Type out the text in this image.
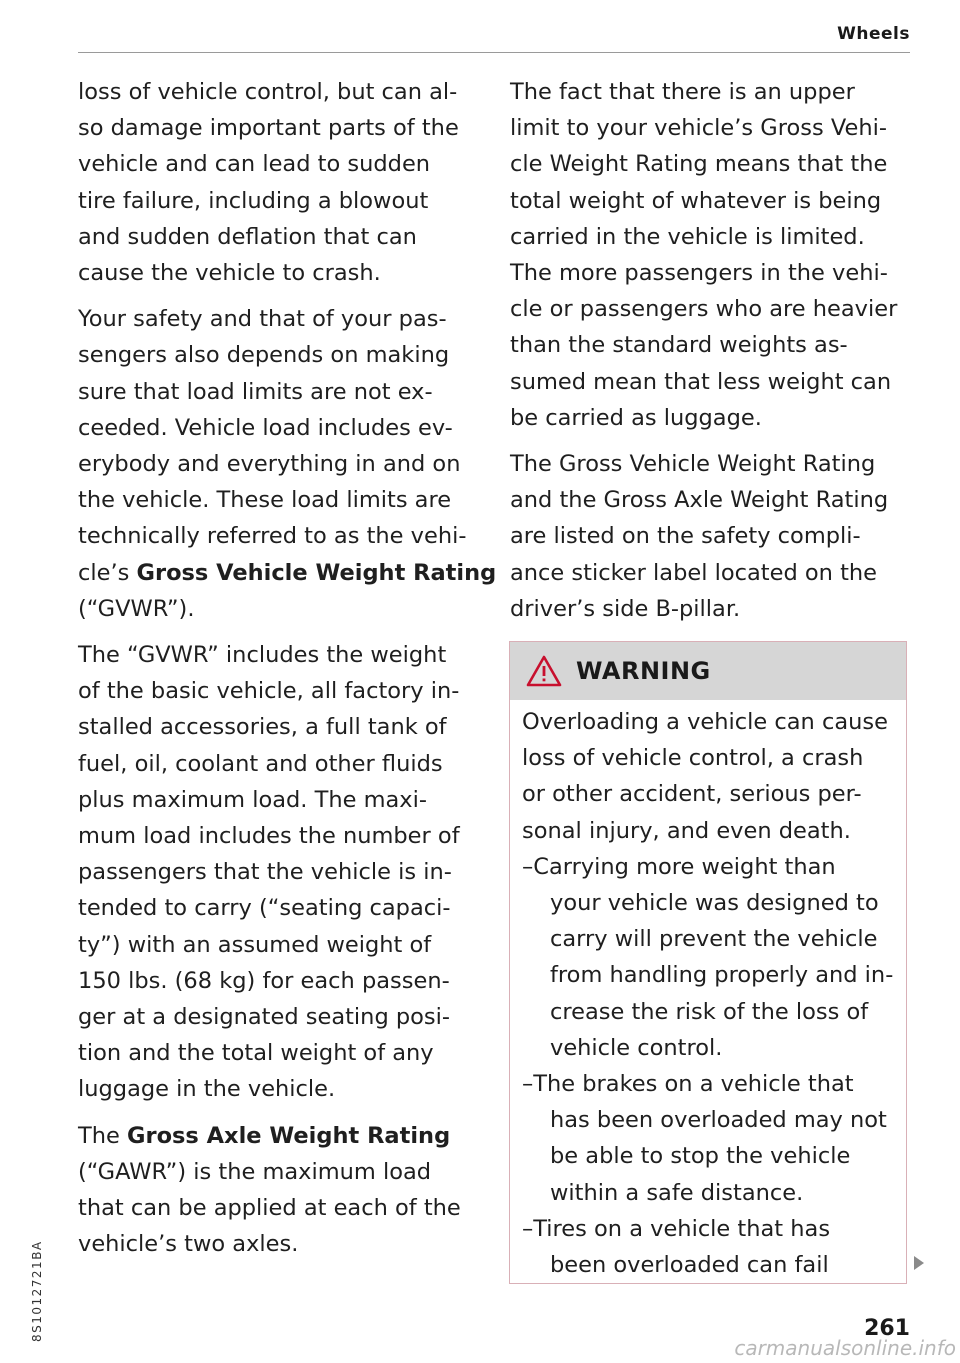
Wheels

loss of vehicle control, but can al-
so damage important parts of the
vehicle and can lead to sudden
tire failure, including a blowout
and sudden deflation that can
cause the vehicle to crash.

Your safety and that of your pas-
sengers also depends on making
sure that load limits are not ex-
ceeded. Vehicle load includes ev-
erybody and everything in and on
the vehicle. These load limits are
technically referred to as the vehi-
cle’s Gross Vehicle Weight Rating
(“GVWR”).

The “GVWR” includes the weight
of the basic vehicle, all factory in-
stalled accessories, a full tank of
fuel, oil, coolant and other fluids
plus maximum load. The maxi-
mum load includes the number of
passengers that the vehicle is in-
tended to carry (“seating capaci-
ty”) with an assumed weight of
150 lbs. (68 kg) for each passen-
ger at a designated seating posi-
tion and the total weight of any
luggage in the vehicle.

The Gross Axle Weight Rating
(“GAWR”) is the maximum load
that can be applied at each of the
vehicle’s two axles.

The fact that there is an upper
limit to your vehicle’s Gross Vehi-
cle Weight Rating means that the
total weight of whatever is being
carried in the vehicle is limited.
The more passengers in the vehi-
cle or passengers who are heavier
than the standard weights as-
sumed mean that less weight can
be carried as luggage.

The Gross Vehicle Weight Rating
and the Gross Axle Weight Rating
are listed on the safety compli-
ance sticker label located on the
driver’s side B-pillar.

WARNING
Overloading a vehicle can cause
loss of vehicle control, a crash
or other accident, serious per-
sonal injury, and even death.
–Carrying more weight than
your vehicle was designed to
carry will prevent the vehicle
from handling properly and in-
crease the risk of the loss of
vehicle control.
–The brakes on a vehicle that
has been overloaded may not
be able to stop the vehicle
within a safe distance.
–Tires on a vehicle that has
been overloaded can fail
261
8S1012721BA
carmanualsonline.info
